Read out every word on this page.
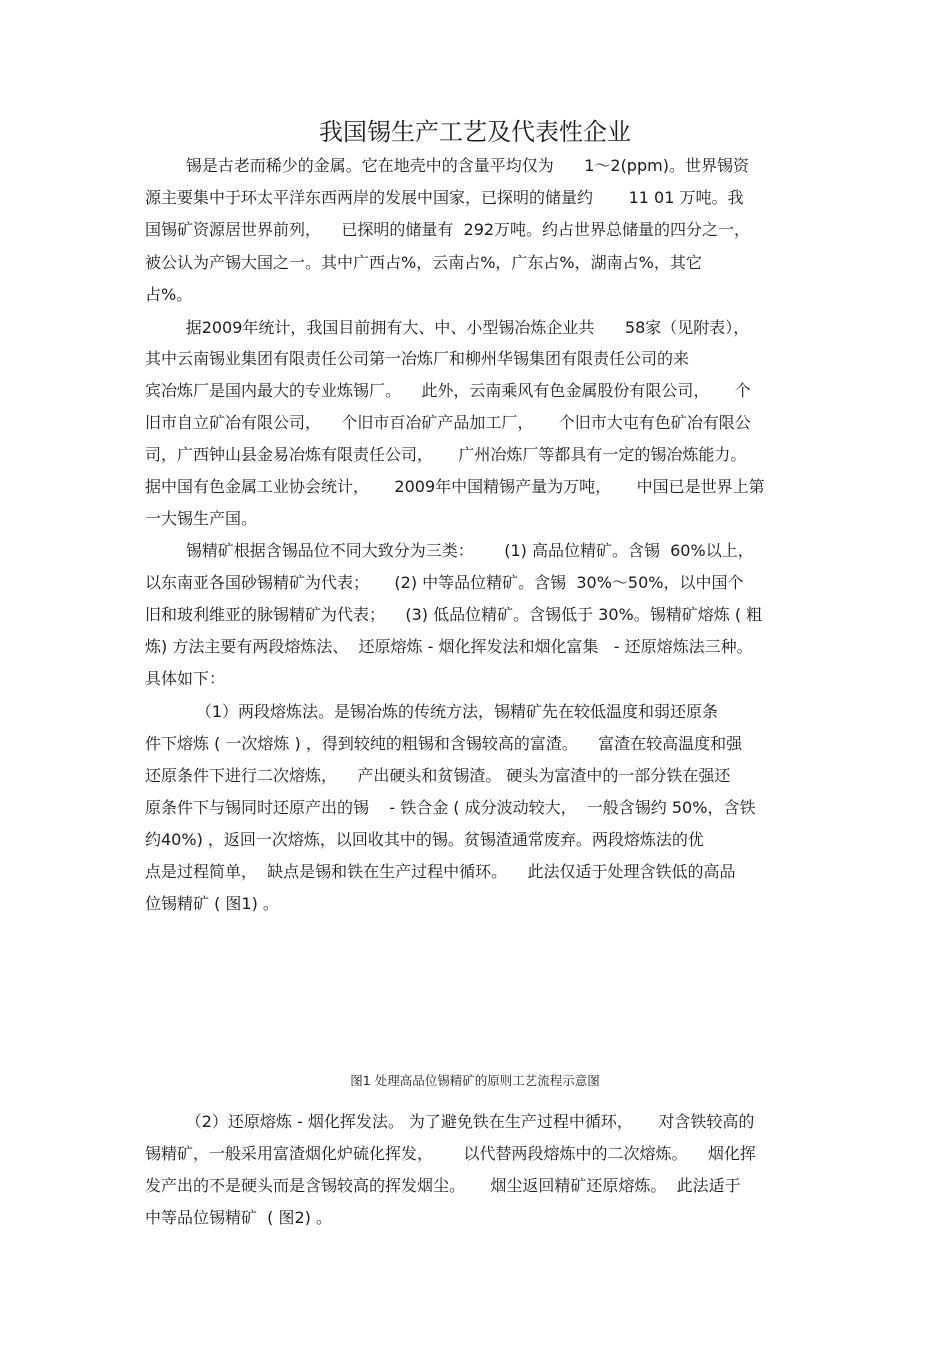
我国锡生产工艺及代表性企业
锡是古老而稀少的金属。它在地壳中的含量平均仅为      1～2(ppm)。世界锡资
源主要集中于环太平洋东西两岸的发展中国家，已探明的储量约       11 01 万吨。我
国锡矿资源居世界前列，    已探明的储量有  292万吨。约占世界总储量的四分之一，
被公认为产锡大国之一。其中广西占%，云南占%，广东占%，湖南占%，其它
占%。
据2009年统计，我国目前拥有大、中、小型锡冶炼企业共      58家（见附表），
其中云南锡业集团有限责任公司第一冶炼厂和柳州华锡集团有限责任公司的来
宾冶炼厂是国内最大的专业炼锡厂。    此外，云南乘风有色金属股份有限公司，     个
旧市自立矿冶有限公司，    个旧市百冶矿产品加工厂，     个旧市大屯有色矿冶有限公
司，广西钟山县金易冶炼有限责任公司，     广州冶炼厂等都具有一定的锡冶炼能力。
据中国有色金属工业协会统计，     2009年中国精锡产量为万吨，     中国已是世界上第
一大锡生产国。
锡精矿根据含锡品位不同大致分为三类：      (1) 高品位精矿。含锡  60%以上，
以东南亚各国砂锡精矿为代表；     (2) 中等品位精矿。含锡  30%～50%，以中国个
旧和玻利维亚的脉锡精矿为代表；    (3) 低品位精矿。含锡低于 30%。锡精矿熔炼 ( 粗
炼) 方法主要有两段熔炼法、  还原熔炼 - 烟化挥发法和烟化富集   - 还原熔炼法三种。
具体如下：
（1）两段熔炼法。是锡冶炼的传统方法，锡精矿先在较低温度和弱还原条
件下熔炼 ( 一次熔炼 ) ，得到较纯的粗锡和含锡较高的富渣。    富渣在较高温度和强
还原条件下进行二次熔炼，    产出硬头和贫锡渣。 硬头为富渣中的一部分铁在强还
原条件下与锡同时还原产出的锡    - 铁合金 ( 成分波动较大，  一般含锡约 50%，含铁
约40%) ，返回一次熔炼，以回收其中的锡。贫锡渣通常废弃。两段熔炼法的优
点是过程简单，  缺点是锡和铁在生产过程中循环。    此法仅适于处理含铁低的高品
位锡精矿 ( 图1) 。
图1 处理高品位锡精矿的原则工艺流程示意图
（2）还原熔炼 - 烟化挥发法。 为了避免铁在生产过程中循环，     对含铁较高的
锡精矿，一般采用富渣烟化炉硫化挥发，      以代替两段熔炼中的二次熔炼。    烟化挥
发产出的不是硬头而是含锡较高的挥发烟尘。     烟尘返回精矿还原熔炼。  此法适于
中等品位锡精矿  ( 图2) 。
